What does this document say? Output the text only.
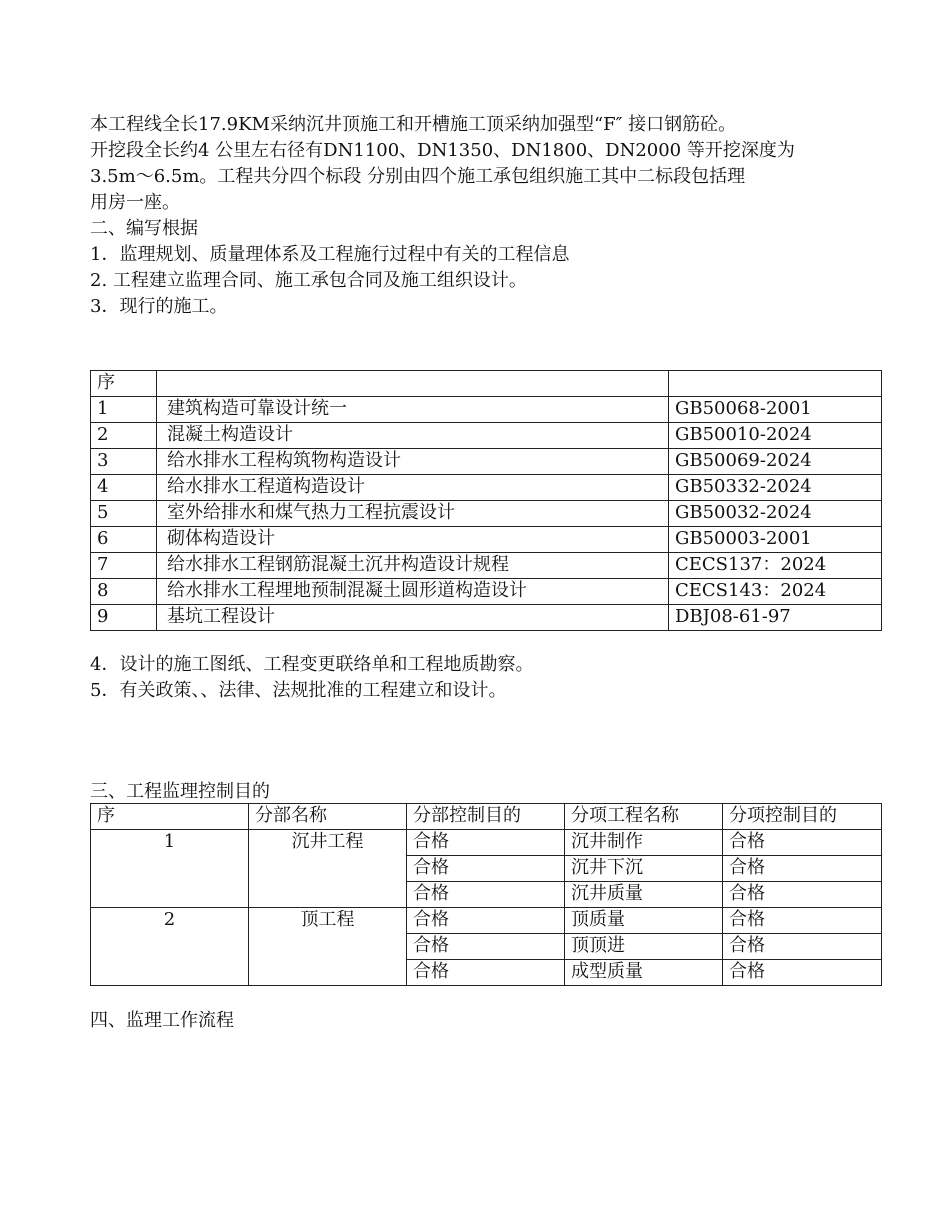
本工程线全长17.9KM采纳沉井顶施工和开槽施工顶采纳加强型“F″ 接口钢筋砼。

开挖段全长约4 公里左右径有DN1100、DN1350、DN1800、DN2000 等开挖深度为

3.5m～6.5m。工程共分四个标段 分别由四个施工承包组织施工其中二标段包括理

用房一座。

二、编写根据

1．监理规划、质量理体系及工程施行过程中有关的工程信息

2. 工程建立监理合同、施工承包合同及施工组织设计。

3．现行的施工。

序		
1	建筑构造可靠设计统一	GB50068-2001
2	混凝土构造设计	GB50010-2024
3	给水排水工程构筑物构造设计	GB50069-2024
4	给水排水工程道构造设计	GB50332-2024
5	室外给排水和煤气热力工程抗震设计	GB50032-2024
6	砌体构造设计	GB50003-2001
7	给水排水工程钢筋混凝土沉井构造设计规程	CECS137：2024
8	给水排水工程埋地预制混凝土圆形道构造设计	CECS143：2024
9	基坑工程设计	DBJ08-61-97

4．设计的施工图纸、工程变更联络单和工程地质勘察。

5．有关政策、、法律、法规批准的工程建立和设计。

三、工程监理控制目的

序	分部名称	分部控制目的	分项工程名称	分项控制目的
1	沉井工程	合格	沉井制作	合格
		合格	沉井下沉	合格
		合格	沉井质量	合格
2	顶工程	合格	顶质量	合格
		合格	顶顶进	合格
		合格	成型质量	合格

四、监理工作流程
